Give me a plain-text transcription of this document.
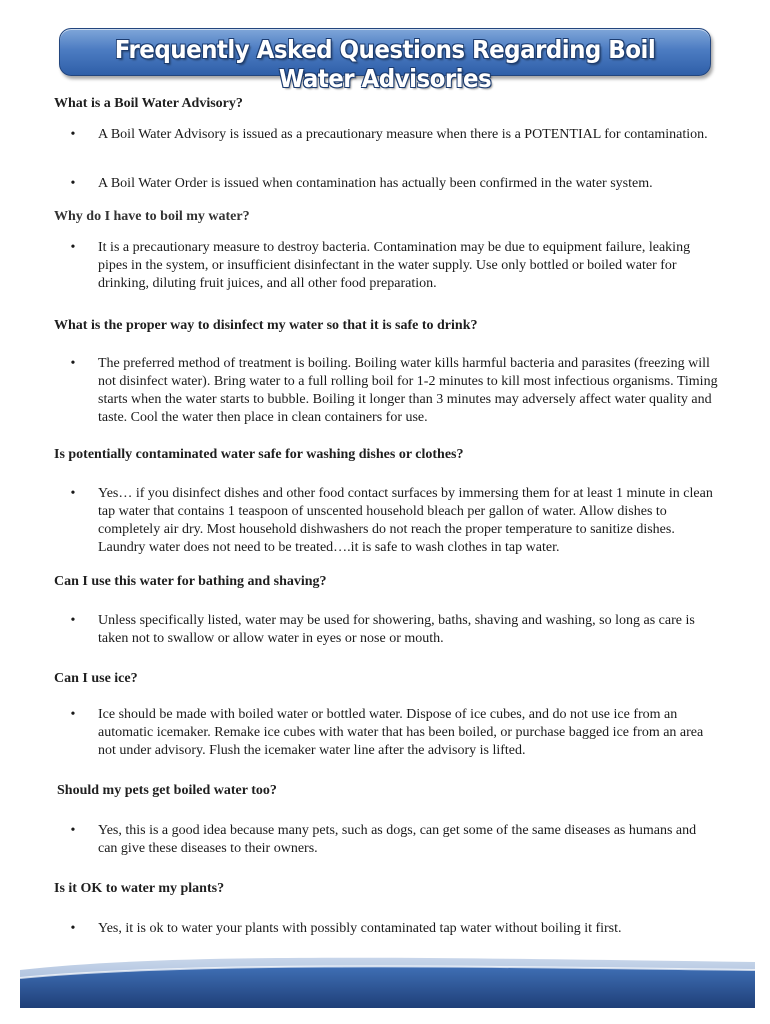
Frequently Asked Questions Regarding Boil Water Advisories
What is a Boil Water Advisory?
• A Boil Water Advisory is issued as a precautionary measure when there is a POTENTIAL for contamination.
• A Boil Water Order is issued when contamination has actually been confirmed in the water system.
Why do I have to boil my water?
• It is a precautionary measure to destroy bacteria. Contamination may be due to equipment failure, leaking pipes in the system, or insufficient disinfectant in the water supply. Use only bottled or boiled water for drinking, diluting fruit juices, and all other food preparation.
What is the proper way to disinfect my water so that it is safe to drink?
• The preferred method of treatment is boiling. Boiling water kills harmful bacteria and parasites (freezing will not disinfect water). Bring water to a full rolling boil for 1-2 minutes to kill most infectious organisms. Timing starts when the water starts to bubble. Boiling it longer than 3 minutes may adversely affect water quality and taste. Cool the water then place in clean containers for use.
Is potentially contaminated water safe for washing dishes or clothes?
• Yes… if you disinfect dishes and other food contact surfaces by immersing them for at least 1 minute in clean tap water that contains 1 teaspoon of unscented household bleach per gallon of water. Allow dishes to completely air dry. Most household dishwashers do not reach the proper temperature to sanitize dishes. Laundry water does not need to be treated….it is safe to wash clothes in tap water.
Can I use this water for bathing and shaving?
• Unless specifically listed, water may be used for showering, baths, shaving and washing, so long as care is taken not to swallow or allow water in eyes or nose or mouth.
Can I use ice?
• Ice should be made with boiled water or bottled water. Dispose of ice cubes, and do not use ice from an automatic icemaker. Remake ice cubes with water that has been boiled, or purchase bagged ice from an area not under advisory. Flush the icemaker water line after the advisory is lifted.
Should my pets get boiled water too?
• Yes, this is a good idea because many pets, such as dogs, can get some of the same diseases as humans and can give these diseases to their owners.
Is it OK to water my plants?
• Yes, it is ok to water your plants with possibly contaminated tap water without boiling it first.
